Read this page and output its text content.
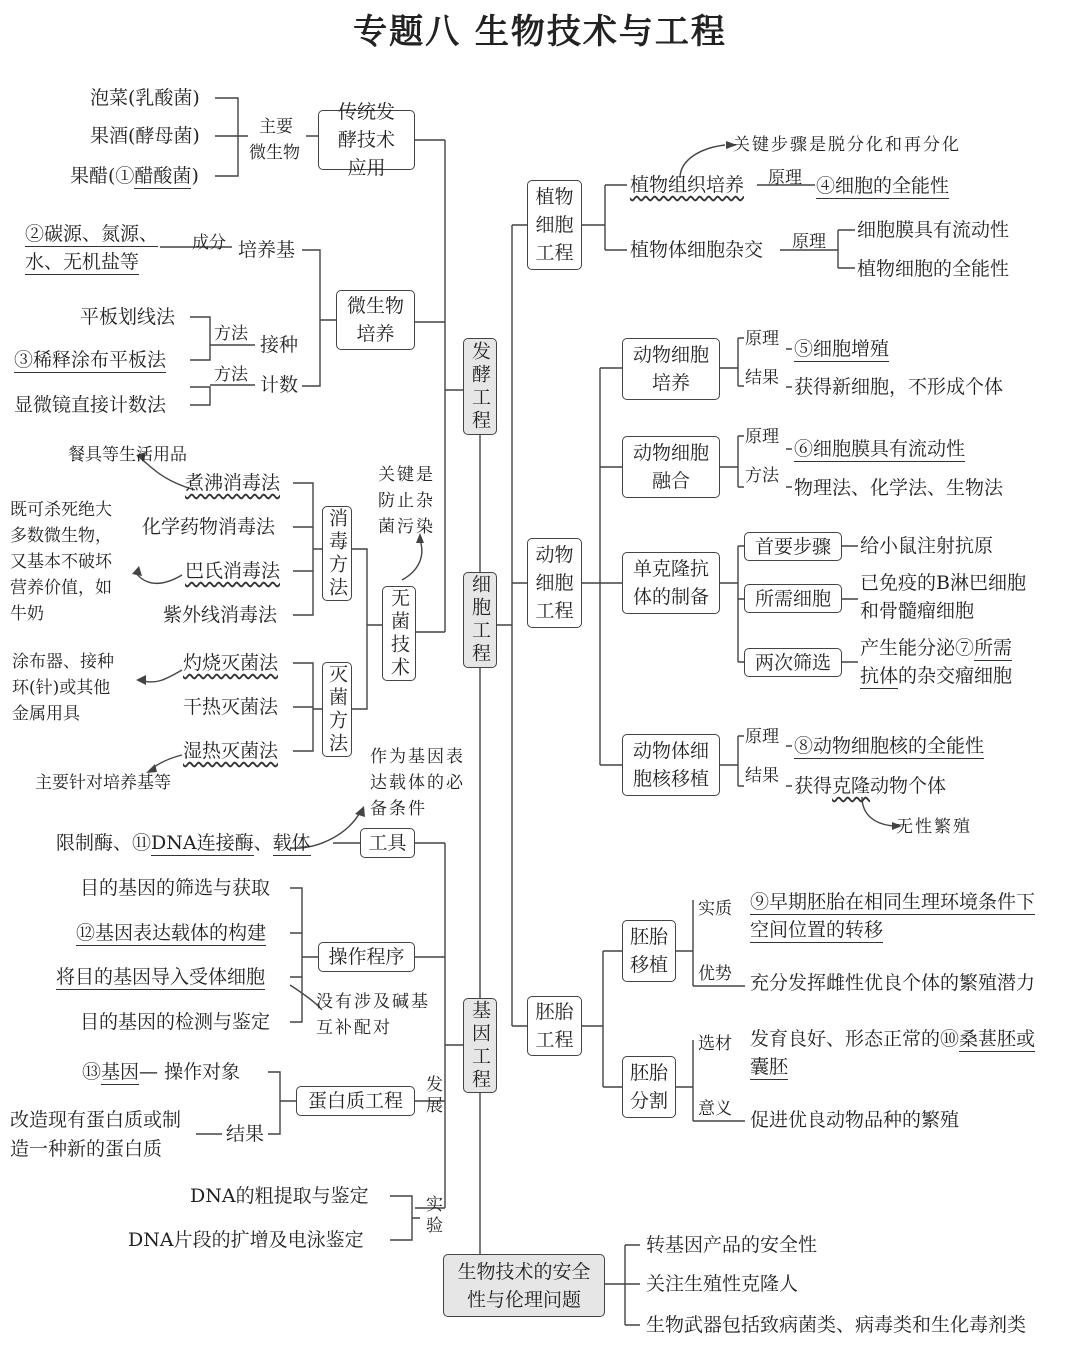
专题八 生物技术与工程
发酵工程
细胞工程
基因工程
生物技术的安全性与伦理问题
传统发酵技术应用
泡菜(乳酸菌)
果酒(酵母菌)
果醋(①醋酸菌)
主要
微生物
微生物培养
②碳源、氮源、
水、无机盐等
成分 培养基
平板划线法
③稀释涂布平板法
显微镜直接计数法
方法
方法
接种
计数
无菌技术
消毒方法
灭菌方法
餐具等生活用品
煮沸消毒法
化学药物消毒法
巴氏消毒法
紫外线消毒法
既可杀死绝大
多数微生物，
又基本不破坏
营养价值，如
牛奶
关键是
防止杂
菌污染
灼烧灭菌法
干热灭菌法
湿热灭菌法
涂布器、接种
环(针)或其他
金属用具
主要针对培养基等
作为基因表
达载体的必
备条件
工具
限制酶、⑪DNA连接酶、载体
操作程序
目的基因的筛选与获取
⑫基因表达载体的构建
将目的基因导入受体细胞
目的基因的检测与鉴定
没有涉及碱基
互补配对
蛋白质工程
⑬基因— 操作对象
改造现有蛋白质或制
造一种新的蛋白质
结果
发展
DNA的粗提取与鉴定
DNA片段的扩增及电泳鉴定
实验
植物细胞工程
关键步骤是脱分化和再分化
植物组织培养 原理 ④细胞的全能性
植物体细胞杂交 原理
细胞膜具有流动性
植物细胞的全能性
动物细胞工程
动物细胞培养
原理
结果
⑤细胞增殖
获得新细胞，不形成个体
动物细胞融合
原理
方法
⑥细胞膜具有流动性
物理法、化学法、生物法
单克隆抗体的制备
首要步骤	给小鼠注射抗原
所需细胞
已免疫的B淋巴细胞
和骨髓瘤细胞
两次筛选
产生能分泌⑦所需
抗体的杂交瘤细胞
动物体细胞核移植
原理
结果
⑧动物细胞核的全能性
获得克隆动物个体
无性繁殖
胚胎工程
胚胎移植
实质
优势
⑨早期胚胎在相同生理环境条件下
空间位置的转移
充分发挥雌性优良个体的繁殖潜力
胚胎分割
选材
意义
发育良好、形态正常的⑩桑葚胚或
囊胚
促进优良动物品种的繁殖
转基因产品的安全性
关注生殖性克隆人
生物武器包括致病菌类、病毒类和生化毒剂类
